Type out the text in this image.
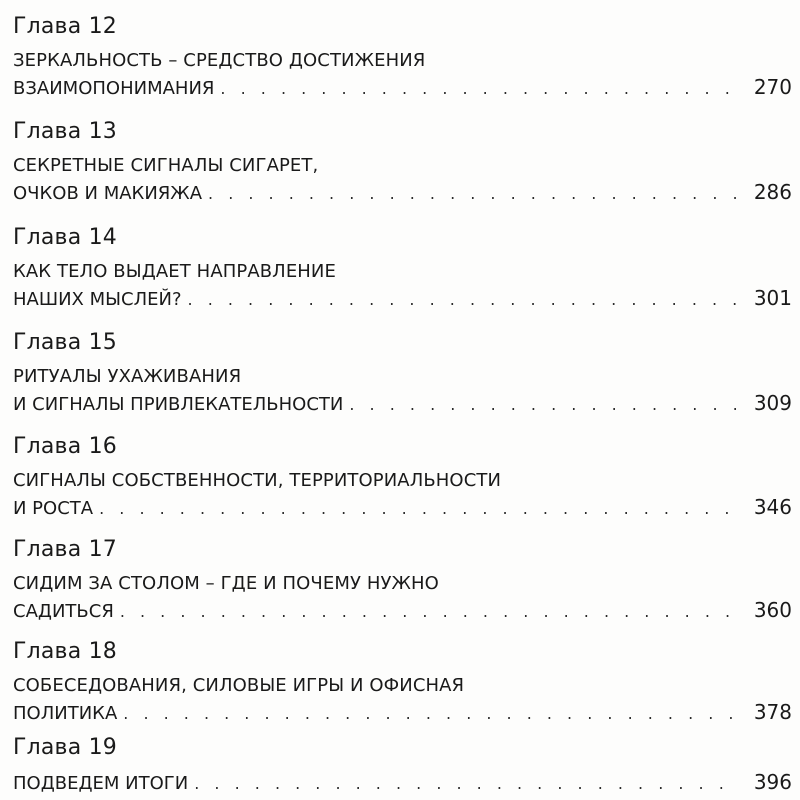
Глава 12
ЗЕРКАЛЬНОСТЬ – СРЕДСТВО ДОСТИЖЕНИЯ
ВЗАИМОПОНИМАНИЯ . . .	270
Глава 13
СЕКРЕТНЫЕ СИГНАЛЫ СИГАРЕТ,
ОЧКОВ И МАКИЯЖА . . .	286
Глава 14
КАК ТЕЛО ВЫДАЕТ НАПРАВЛЕНИЕ
НАШИХ МЫСЛЕЙ? . . .	301
Глава 15
РИТУАЛЫ УХАЖИВАНИЯ
И СИГНАЛЫ ПРИВЛЕКАТЕЛЬНОСТИ . . .	309
Глава 16
СИГНАЛЫ СОБСТВЕННОСТИ, ТЕРРИТОРИАЛЬНОСТИ
И РОСТА . . .	346
Глава 17
СИДИМ ЗА СТОЛОМ – ГДЕ И ПОЧЕМУ НУЖНО
САДИТЬСЯ . . .	360
Глава 18
СОБЕСЕДОВАНИЯ, СИЛОВЫЕ ИГРЫ И ОФИСНАЯ
ПОЛИТИКА . . .	378
Глава 19
ПОДВЕДЕМ ИТОГИ . . .	396
